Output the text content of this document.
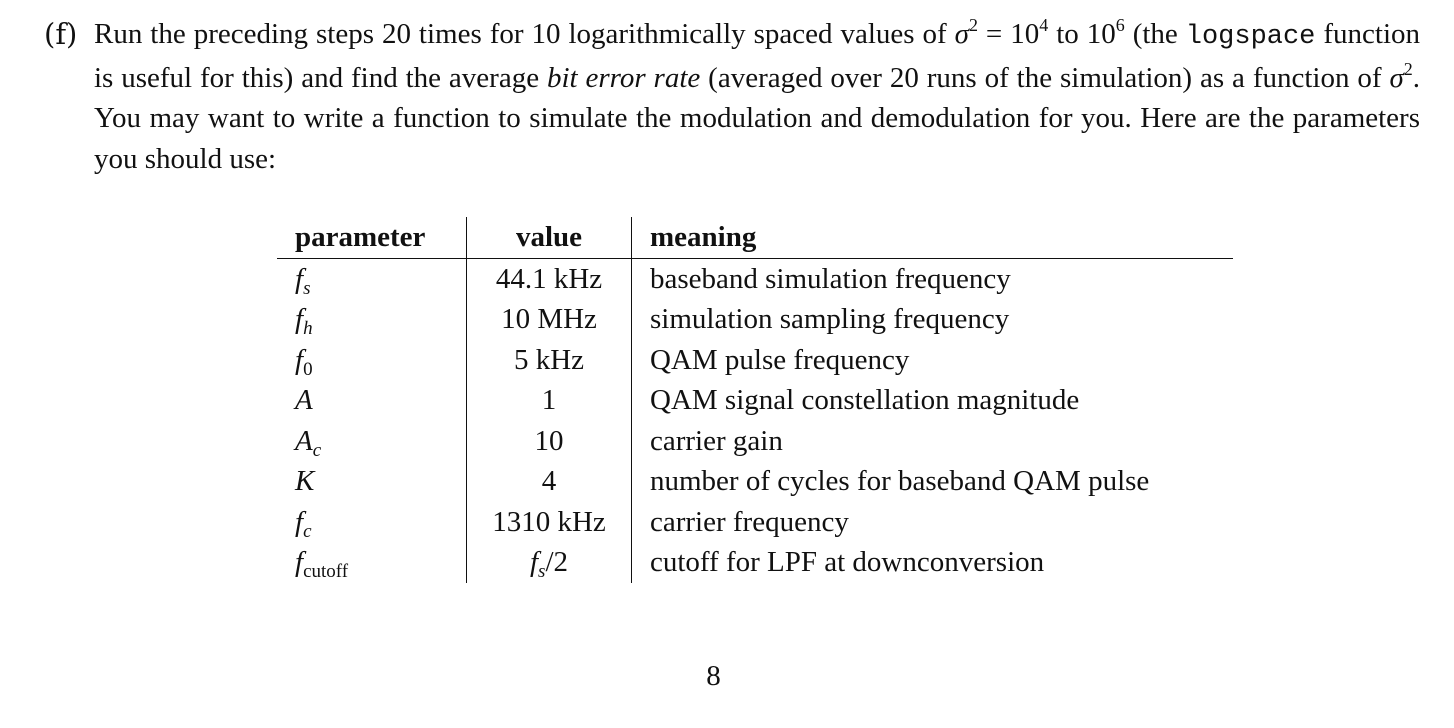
(f) Run the preceding steps 20 times for 10 logarithmically spaced values of $\sigma^2 = 10^4$ to $10^6$ (the logspace function is useful for this) and find the average bit error rate (averaged over 20 runs of the simulation) as a function of $\sigma^2$. You may want to write a function to simulate the modulation and demodulation for you. Here are the parameters you should use:
parameter	value	meaning
$f_s$	44.1 kHz	baseband simulation frequency
$f_h$	10 MHz	simulation sampling frequency
$f_0$	5 kHz	QAM pulse frequency
A	1	QAM signal constellation magnitude
$A_c$	10	carrier gain
K	4	number of cycles for baseband QAM pulse
$f_c$	1310 kHz	carrier frequency
$f_{cutoff}$	$f_s/2$	cutoff for LPF at downconversion
8
